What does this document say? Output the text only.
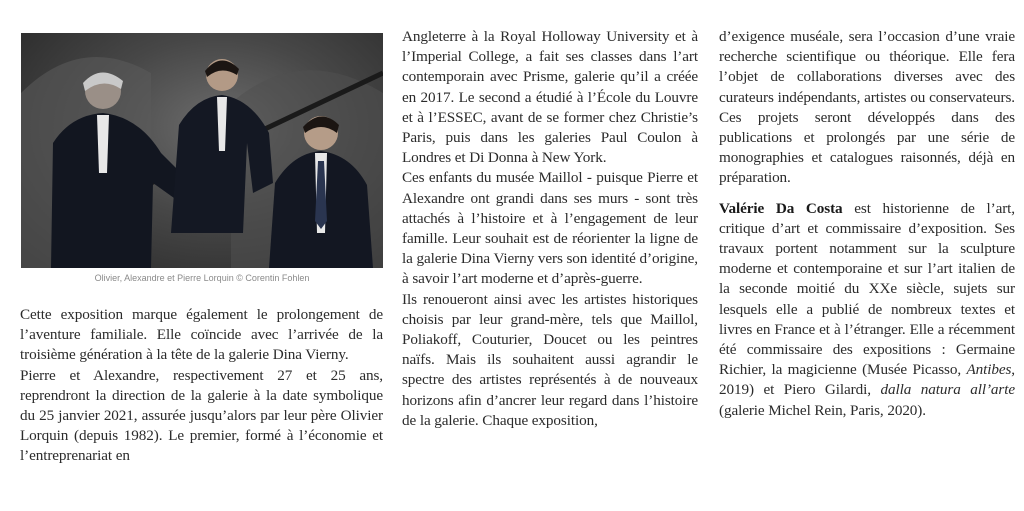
Olivier, Alexandre et Pierre Lorquin © Corentin Fohlen

Cette exposition marque également le prolongement de l’aventure familiale. Elle coïncide avec l’arrivée de la troisième génération à la tête de la galerie Dina Vierny.

Pierre et Alexandre, respectivement 27 et 25 ans, reprendront la direction de la galerie à la date symbolique du 25 janvier 2021, assurée jusqu’alors par leur père Olivier Lorquin (depuis 1982). Le premier, formé à l’économie et l’entreprenariat en

Angleterre à la Royal Holloway University et à l’Imperial College, a fait ses classes dans l’art contemporain avec Prisme, galerie qu’il a créée en 2017. Le second a étudié à l’École du Louvre et à l’ESSEC, avant de se former chez Christie’s Paris, puis dans les galeries Paul Coulon à Londres et Di Donna à New York.

Ces enfants du musée Maillol - puisque Pierre et Alexandre ont grandi dans ses murs - sont très attachés à l’histoire et à l’engagement de leur famille. Leur souhait est de réorienter la ligne de la galerie Dina Vierny vers son identité d’origine, à savoir l’art moderne et d’après-guerre.

Ils renoueront ainsi avec les artistes historiques choisis par leur grand-mère, tels que Maillol, Poliakoff, Couturier, Doucet ou les peintres naïfs. Mais ils souhaitent aussi agrandir le spectre des artistes représentés à de nouveaux horizons afin d’ancrer leur regard dans l’histoire de la galerie. Chaque exposition,

d’exigence muséale, sera l’occasion d’une vraie recherche scientifique ou théorique. Elle fera l’objet de collaborations diverses avec des curateurs indépendants, artistes ou conservateurs. Ces projets seront développés dans des publications et prolongés par une série de monographies et catalogues raisonnés, déjà en préparation.

Valérie Da Costa est historienne de l’art, critique d’art et commissaire d’exposition. Ses travaux portent notamment sur la sculpture moderne et contemporaine et sur l’art italien de la seconde moitié du XXe siècle, sujets sur lesquels elle a publié de nombreux textes et livres en France et à l’étranger. Elle a récemment été commissaire des expositions : Germaine Richier, la magicienne (Musée Picasso, Antibes, 2019) et Piero Gilardi, dalla natura all’arte (galerie Michel Rein, Paris, 2020).
